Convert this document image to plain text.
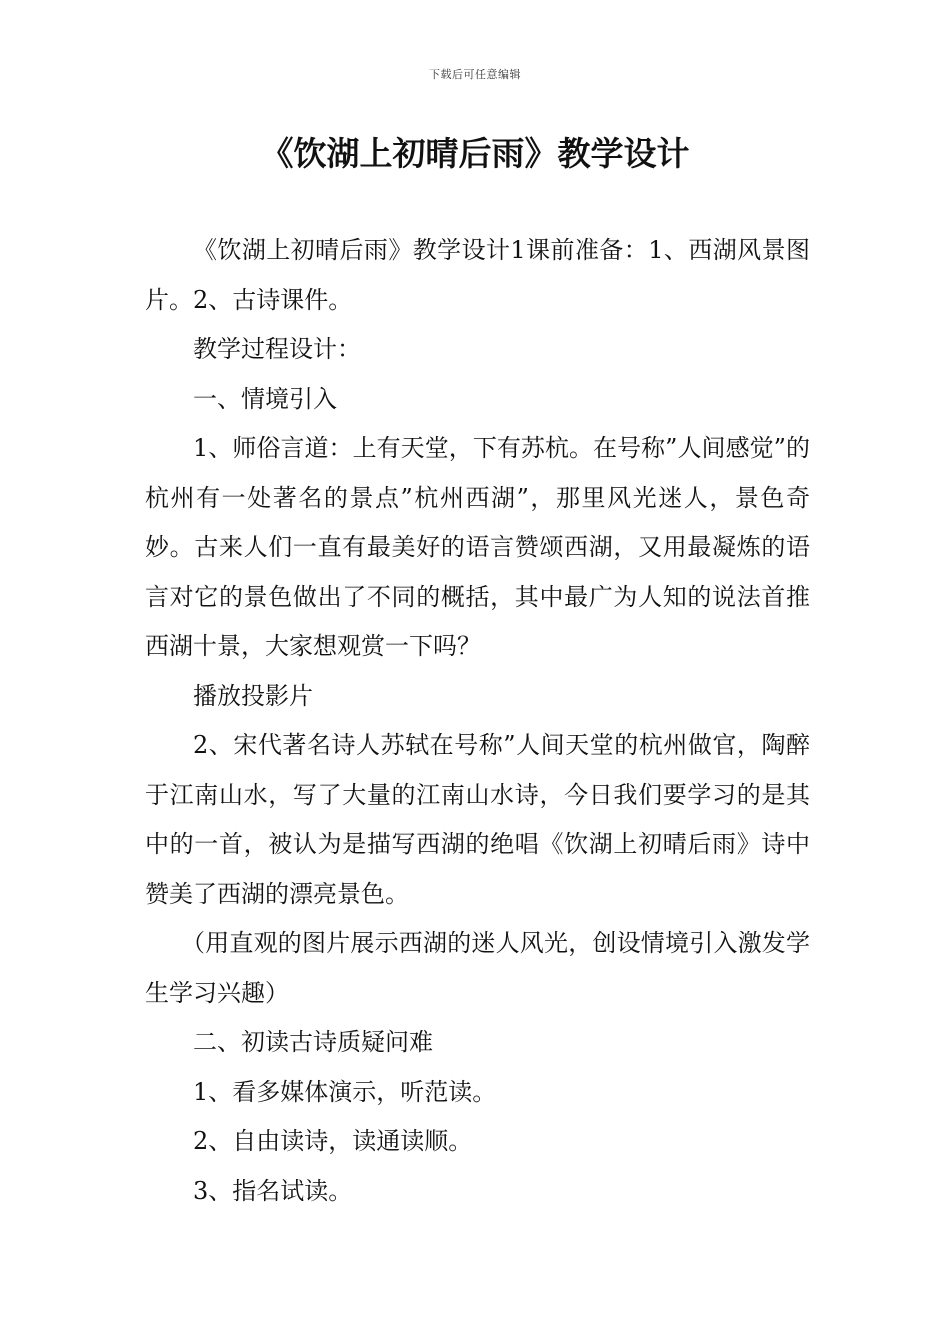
下载后可任意编辑
《饮湖上初晴后雨》教学设计

《饮湖上初晴后雨》教学设计1课前准备：1、西湖风景图片。2、古诗课件。

教学过程设计：

一、情境引入

1、师俗言道：上有天堂，下有苏杭。在号称”人间感觉”的杭州有一处著名的景点”杭州西湖”，那里风光迷人，景色奇妙。古来人们一直有最美好的语言赞颂西湖，又用最凝炼的语言对它的景色做出了不同的概括，其中最广为人知的说法首推西湖十景，大家想观赏一下吗？

播放投影片

2、宋代著名诗人苏轼在号称”人间天堂的杭州做官，陶醉于江南山水，写了大量的江南山水诗，今日我们要学习的是其中的一首，被认为是描写西湖的绝唱《饮湖上初晴后雨》诗中赞美了西湖的漂亮景色。

（用直观的图片展示西湖的迷人风光，创设情境引入激发学生学习兴趣）

二、初读古诗质疑问难

1、看多媒体演示，听范读。

2、自由读诗，读通读顺。

3、指名试读。
